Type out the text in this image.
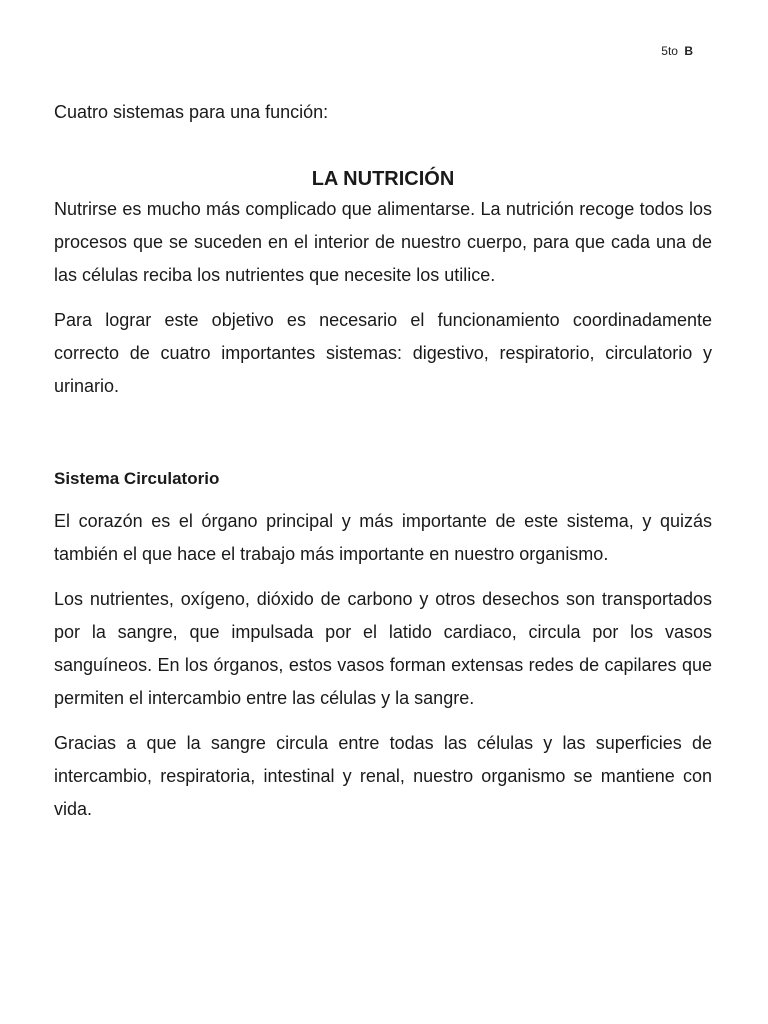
5to B

Cuatro sistemas para una función:

LA NUTRICIÓN

Nutrirse es mucho más complicado que alimentarse. La nutrición recoge todos los procesos que se suceden en el interior de nuestro cuerpo, para que cada una de las células reciba los nutrientes que necesite los utilice.

Para lograr este objetivo es necesario el funcionamiento coordinadamente correcto de cuatro importantes sistemas: digestivo, respiratorio, circulatorio y urinario.

Sistema Circulatorio

El corazón es el órgano principal y más importante de este sistema, y quizás también el que hace el trabajo más importante en nuestro organismo.

Los nutrientes, oxígeno, dióxido de carbono y otros desechos son transportados por la sangre, que impulsada por el latido cardiaco, circula por los vasos sanguíneos. En los órganos, estos vasos forman extensas redes de capilares que permiten el intercambio entre las células y la sangre.

Gracias a que la sangre circula entre todas las células y las superficies de intercambio, respiratoria, intestinal y renal, nuestro organismo se mantiene con vida.
